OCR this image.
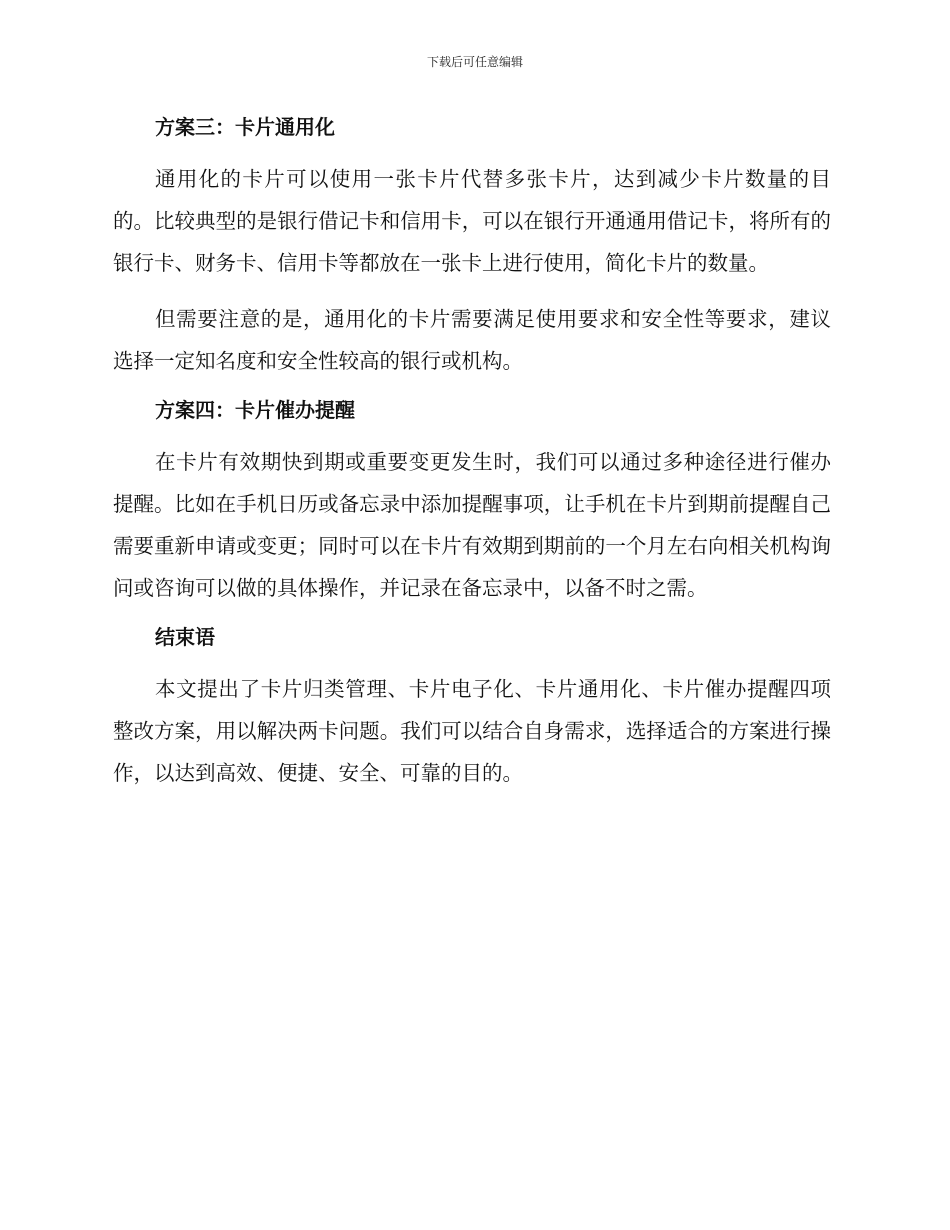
下载后可任意编辑
方案三：卡片通用化

通用化的卡片可以使用一张卡片代替多张卡片，达到减少卡片数量的目的。比较典型的是银行借记卡和信用卡，可以在银行开通通用借记卡，将所有的银行卡、财务卡、信用卡等都放在一张卡上进行使用，简化卡片的数量。

但需要注意的是，通用化的卡片需要满足使用要求和安全性等要求，建议选择一定知名度和安全性较高的银行或机构。

方案四：卡片催办提醒

在卡片有效期快到期或重要变更发生时，我们可以通过多种途径进行催办提醒。比如在手机日历或备忘录中添加提醒事项，让手机在卡片到期前提醒自己需要重新申请或变更；同时可以在卡片有效期到期前的一个月左右向相关机构询问或咨询可以做的具体操作，并记录在备忘录中，以备不时之需。

结束语

本文提出了卡片归类管理、卡片电子化、卡片通用化、卡片催办提醒四项整改方案，用以解决两卡问题。我们可以结合自身需求，选择适合的方案进行操作，以达到高效、便捷、安全、可靠的目的。
